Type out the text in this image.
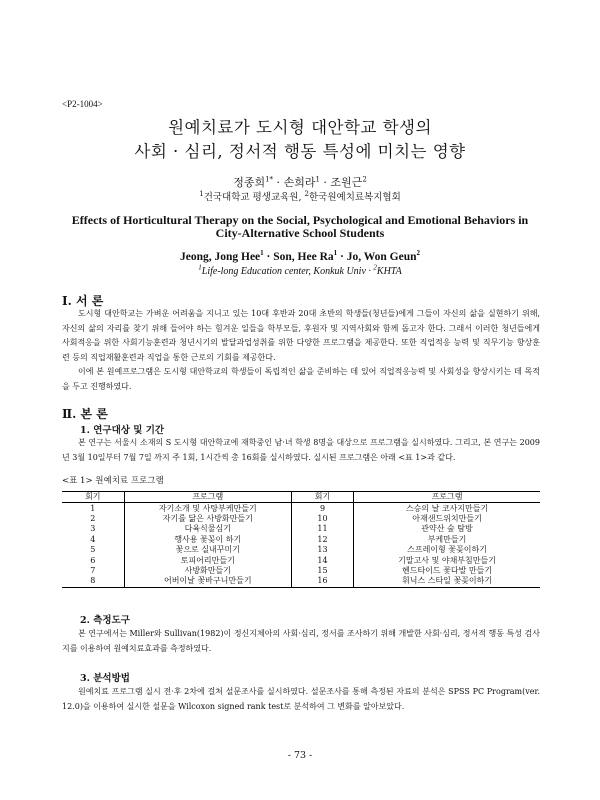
<P2-1004>
원예치료가 도시형 대안학교 학생의
사회 · 심리, 정서적 행동 특성에 미치는 영향
정종희$^{1*}$ · 손희라$^1$ · 조원근$^2$
$^1$건국대학교 평생교육원, $^2$한국원예치료복지협회
Effects of Horticultural Therapy on the Social, Psychological and Emotional Behaviors in City-Alternative School Students
Jeong, Jong Hee$^1$ · Son, Hee $Ra^1 \cdot Jo$, Won Geun$^2$
$^1$Life-long Education center, Konkuk Univ · $^2$KHTA
Ⅰ. 서 론

도시형 대안학교는 가벼운 어려움을 지니고 있는 10대 후반과 20대 초반의 학생들(청년들)에게 그들이 자신의 삶을 실현하기 위해, 자신의 삶의 자리를 찾기 위해 들어야 하는 힘겨운 일들을 학부모들, 후원자 및 지역사회와 함께 돕고자 한다. 그래서 이러한 청년들에게 사회적응을 위한 사회기능훈련과 청년시기의 발달과업성취를 위한 다양한 프로그램을 제공한다. 또한 직업적응 능력 및 직무기능 향상훈련 등의 직업재활훈련과 직업을 통한 근로의 기회를 제공한다.

이에 본 원예프로그램은 도시형 대안학교의 학생들이 독립적인 삶을 준비하는 데 있어 직업적응능력 및 사회성을 향상시키는 데 목적을 두고 진행하였다.

Ⅱ. 본 론
1. 연구대상 및 기간

본 연구는 서울시 소재의 S 도시형 대안학교에 재학중인 남·녀 학생 8명을 대상으로 프로그램을 실시하였다. 그리고, 본 연구는 2009년 3월 10일부터 7월 7일 까지 주 1회, 1시간씩 총 16회를 실시하였다. 실시된 프로그램은 아래 <표 1>과 같다.

<표 1> 원예치료 프로그램
회기	프로그램	회기	프로그램
1	자기소개 및 사탕부케만들기	9	스승의 날 코사지만들기
2	자기를 닮은 사방화만들기	10	아재샌드위치만들기
3	다육식물심기	11	관약산 숲 탐방
4	행사용 꽃꽂이 하기	12	부케만들기
5	꽃으로 실내꾸미기	13	스프레이형 꽃꽂이하기
6	토피어리만들기	14	기말고사 및 야채부침만들기
7	사방화만들기	15	헨드타이드 꽃다발 만들기
8	어버이날 꽃바구니만들기	16	휘닉스 스타일 꽃꽂이하기
2. 측정도구

본 연구에서는 Miller와 Sullivan(1982)이 정신지체아의 사회·심리, 정서를 조사하기 위해 개발한 사회·심리, 정서적 행동 특성 검사지를 이용하여 원예치료효과를 측정하였다.

3. 분석방법

원예치료 프로그램 실시 전·후 2차에 걸쳐 설문조사를 실시하였다. 설문조사를 통해 측정된 자료의 분석은 SPSS PC Program(ver. 12.0)을 이용하여 실시한 설문을 Wilcoxon signed rank test로 분석하여 그 변화를 알아보았다.

- 73 -
